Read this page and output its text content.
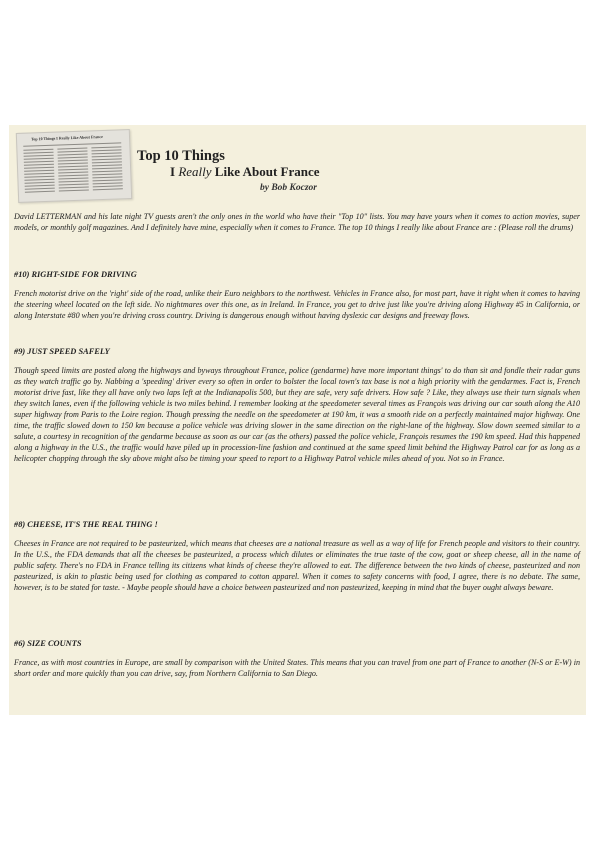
Top 10 Things I Really Like About France
Top 10 Things
I Really Like About France
by Bob Koczor

David LETTERMAN and his late night TV guests aren't the only ones in the world who have their "Top 10" lists. You may have yours when it comes to action movies, super models, or monthly golf magazines. And I definitely have mine, especially when it comes to France. The top 10 things I really like about France are : (Please roll the drums)

#10) RIGHT-SIDE FOR DRIVING

French motorist drive on the 'right' side of the road, unlike their Euro neighbors to the northwest. Vehicles in France also, for most part, have it right when it comes to having the steering wheel located on the left side. No nightmares over this one, as in Ireland. In France, you get to drive just like you're driving along Highway #5 in California, or along Interstate #80 when you're driving cross country. Driving is dangerous enough without having dyslexic car designs and freeway flows.

#9) JUST SPEED SAFELY

Though speed limits are posted along the highways and byways throughout France, police (gendarme) have more important things' to do than sit and fondle their radar guns as they watch traffic go by. Nabbing a 'speeding' driver every so often in order to bolster the local town's tax base is not a high priority with the gendarmes. Fact is, French motorist drive fast, like they all have only two laps left at the Indianapolis 500, but they are safe, very safe drivers. How safe ? Like, they always use their turn signals when they switch lanes, even if the following vehicle is two miles behind. I remember looking at the speedometer several times as François was driving our car south along the A10 super highway from Paris to the Loire region. Though pressing the needle on the speedometer at 190 km, it was a smooth ride on a perfectly maintained major highway. One time, the traffic slowed down to 150 km because a police vehicle was driving slower in the same direction on the right-lane of the highway. Slow down seemed similar to a salute, a courtesy in recognition of the gendarme because as soon as our car (as the others) passed the police vehicle, François resumes the 190 km speed. Had this happened along a highway in the U.S., the traffic would have piled up in procession-line fashion and continued at the same speed limit behind the Highway Patrol car for as long as a helicopter chopping through the sky above might also be timing your speed to report to a Highway Patrol vehicle miles ahead of you. Not so in France.

#8) CHEESE, IT'S THE REAL THING !

Cheeses in France are not required to be pasteurized, which means that cheeses are a national treasure as well as a way of life for French people and visitors to their country. In the U.S., the FDA demands that all the cheeses be pasteurized, a process which dilutes or eliminates the true taste of the cow, goat or sheep cheese, all in the name of public safety. There's no FDA in France telling its citizens what kinds of cheese they're allowed to eat. The difference between the two kinds of cheese, pasteurized and non pasteurized, is akin to plastic being used for clothing as compared to cotton apparel. When it comes to safety concerns with food, I agree, there is no debate. The same, however, is to be stated for taste. - Maybe people should have a choice between pasteurized and non pasteurized, keeping in mind that the buyer ought always beware.

#6) SIZE COUNTS

France, as with most countries in Europe, are small by comparison with the United States. This means that you can travel from one part of France to another (N-S or E-W) in short order and more quickly than you can drive, say, from Northern California to San Diego.
